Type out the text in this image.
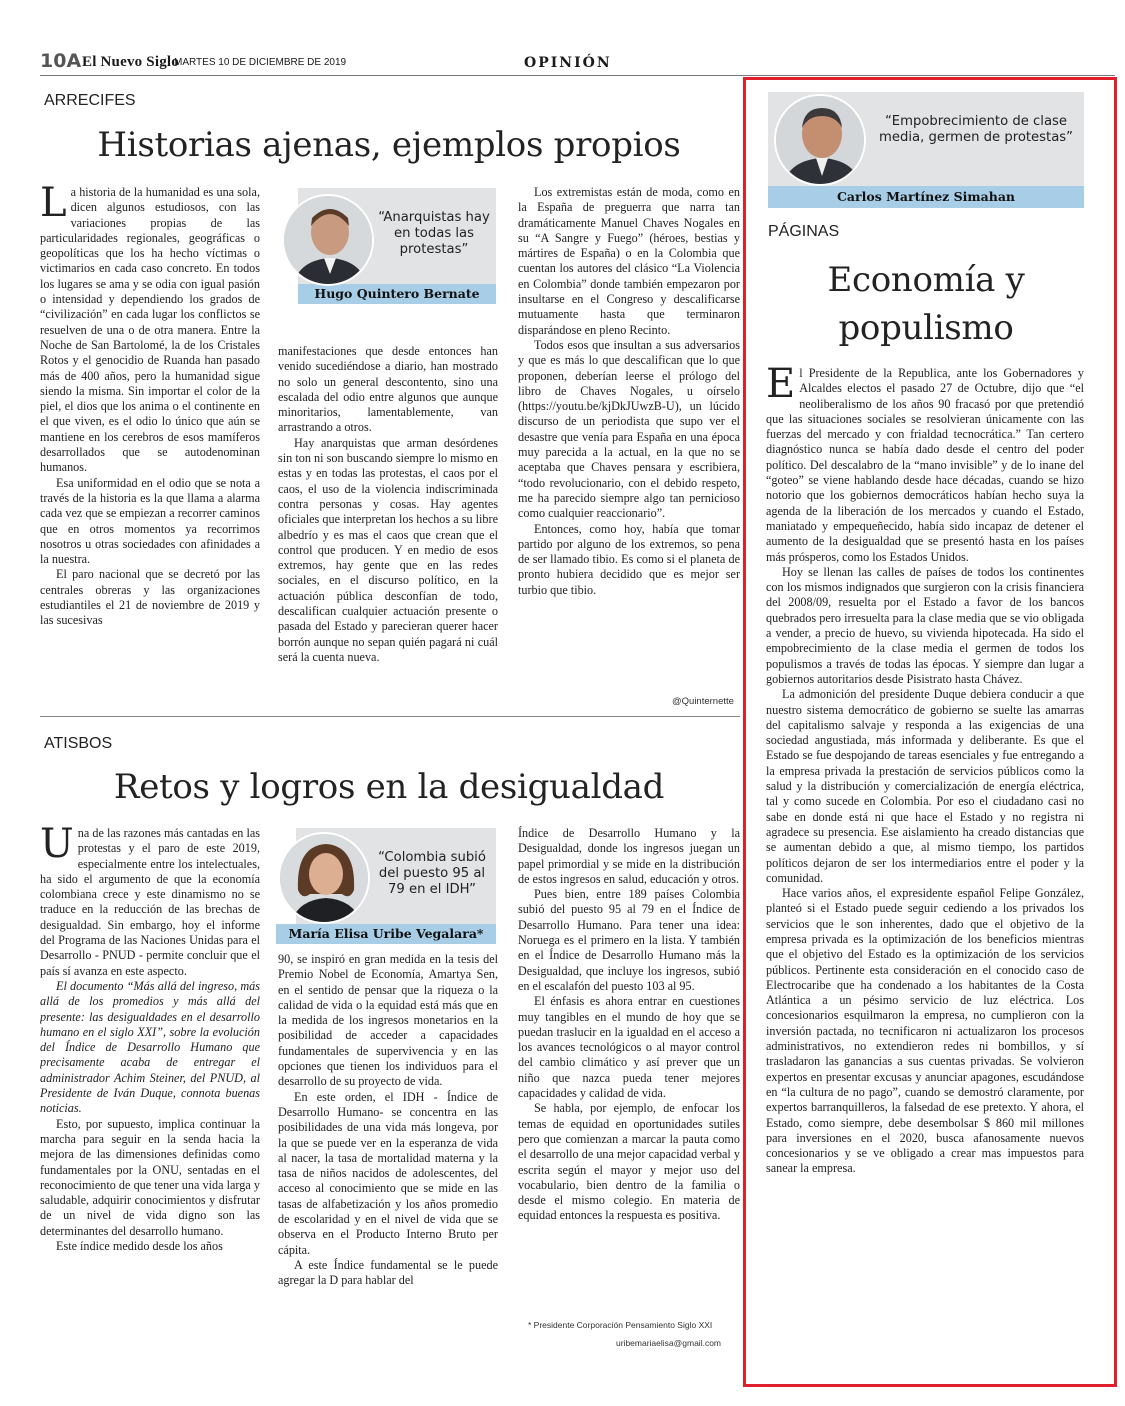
10A El Nuevo Siglo
MARTES 10 DE DICIEMBRE DE 2019	OPINIÓN
ARRECIFES
Historias ajenas, ejemplos propios

La historia de la humanidad es una sola, dicen algunos estudiosos, con las variaciones propias de las particularidades regionales, geográficas o geopolíticas que los ha hecho víctimas o victimarios en cada caso concreto. En todos los lugares se ama y se odia con igual pasión o intensidad y dependiendo los grados de “civilización” en cada lugar los conflictos se resuelven de una o de otra manera. Entre la Noche de San Bartolomé, la de los Cristales Rotos y el genocidio de Ruanda han pasado más de 400 años, pero la humanidad sigue siendo la misma. Sin importar el color de la piel, el dios que los anima o el continente en el que viven, es el odio lo único que aún se mantiene en los cerebros de esos mamíferos desarrollados que se autodenominan humanos.

Esa uniformidad en el odio que se nota a través de la historia es la que llama a alarma cada vez que se empiezan a recorrer caminos que en otros momentos ya recorrimos nosotros u otras sociedades con afinidades a la nuestra.

El paro nacional que se decretó por las centrales obreras y las organizaciones estudiantiles el 21 de noviembre de 2019 y las sucesivas

“Anarquistas hay en todas las protestas”
Hugo Quintero Bernate

manifestaciones que desde entonces han venido sucediéndose a diario, han mostrado no solo un general descontento, sino una escalada del odio entre algunos que aunque minoritarios, lamentablemente, van arrastrando a otros.

Hay anarquistas que arman desórdenes sin ton ni son buscando siempre lo mismo en estas y en todas las protestas, el caos por el caos, el uso de la violencia indiscriminada contra personas y cosas. Hay agentes oficiales que interpretan los hechos a su libre albedrío y es mas el caos que crean que el control que producen. Y en medio de esos extremos, hay gente que en las redes sociales, en el discurso político, en la actuación pública desconfían de todo, descalifican cualquier actuación presente o pasada del Estado y parecieran querer hacer borrón aunque no sepan quién pagará ni cuál será la cuenta nueva.

Los extremistas están de moda, como en la España de preguerra que narra tan dramáticamente Manuel Chaves Nogales en su “A Sangre y Fuego” (héroes, bestias y mártires de España) o en la Colombia que cuentan los autores del clásico “La Violencia en Colombia” donde también empezaron por insultarse en el Congreso y descalificarse mutuamente hasta que terminaron disparándose en pleno Recinto.

Todos esos que insultan a sus adversarios y que es más lo que descalifican que lo que proponen, deberían leerse el prólogo del libro de Chaves Nogales, u oírselo (https://youtu.be/kjDkJUwzB-U), un lúcido discurso de un periodista que supo ver el desastre que venía para España en una época muy parecida a la actual, en la que no se aceptaba que Chaves pensara y escribiera, “todo revolucionario, con el debido respeto, me ha parecido siempre algo tan pernicioso como cualquier reaccionario”.

Entonces, como hoy, había que tomar partido por alguno de los extremos, so pena de ser llamado tibio. Es como si el planeta de pronto hubiera decidido que es mejor ser turbio que tibio.

@Quinternette
ATISBOS
Retos y logros en la desigualdad

Una de las razones más cantadas en las protestas y el paro de este 2019, especialmente entre los intelectuales, ha sido el argumento de que la economía colombiana crece y este dinamismo no se traduce en la reducción de las brechas de desigualdad. Sin embargo, hoy el informe del Programa de las Naciones Unidas para el Desarrollo - PNUD - permite concluir que el país sí avanza en este aspecto.

El documento “Más allá del ingreso, más allá de los promedios y más allá del presente: las desigualdades en el desarrollo humano en el siglo XXI”, sobre la evolución del Índice de Desarrollo Humano que precisamente acaba de entregar el administrador Achim Steiner, del PNUD, al Presidente de Iván Duque, connota buenas noticias.

Esto, por supuesto, implica continuar la marcha para seguir en la senda hacia la mejora de las dimensiones definidas como fundamentales por la ONU, sentadas en el reconocimiento de que tener una vida larga y saludable, adquirir conocimientos y disfrutar de un nivel de vida digno son las determinantes del desarrollo humano.

Este índice medido desde los años

“Colombia subió del puesto 95 al 79 en el IDH”
María Elisa Uribe Vegalara*

90, se inspiró en gran medida en la tesis del Premio Nobel de Economía, Amartya Sen, en el sentido de pensar que la riqueza o la calidad de vida o la equidad está más que en la medida de los ingresos monetarios en la posibilidad de acceder a capacidades fundamentales de supervivencia y en las opciones que tienen los individuos para el desarrollo de su proyecto de vida.

En este orden, el IDH - Índice de Desarrollo Humano- se concentra en las posibilidades de una vida más longeva, por la que se puede ver en la esperanza de vida al nacer, la tasa de mortalidad materna y la tasa de niños nacidos de adolescentes, del acceso al conocimiento que se mide en las tasas de alfabetización y los años promedio de escolaridad y en el nivel de vida que se observa en el Producto Interno Bruto per cápita.

A este Índice fundamental se le puede agregar la D para hablar del

Índice de Desarrollo Humano y la Desigualdad, donde los ingresos juegan un papel primordial y se mide en la distribución de estos ingresos en salud, educación y otros.

Pues bien, entre 189 países Colombia subió del puesto 95 al 79 en el Índice de Desarrollo Humano. Para tener una idea: Noruega es el primero en la lista. Y también en el Índice de Desarrollo Humano más la Desigualdad, que incluye los ingresos, subió en el escalafón del puesto 103 al 95.

El énfasis es ahora entrar en cuestiones muy tangibles en el mundo de hoy que se puedan traslucir en la igualdad en el acceso a los avances tecnológicos o al mayor control del cambio climático y así prever que un niño que nazca pueda tener mejores capacidades y calidad de vida.

Se habla, por ejemplo, de enfocar los temas de equidad en oportunidades sutiles pero que comienzan a marcar la pauta como el desarrollo de una mejor capacidad verbal y escrita según el mayor y mejor uso del vocabulario, bien dentro de la familia o desde el mismo colegio. En materia de equidad entonces la respuesta es positiva.

* Presidente Corporación Pensamiento Siglo XXI
uribemariaelisa@gmail.com
“Empobrecimiento de clase media, germen de protestas”
Carlos Martínez Simahan
PÁGINAS
Economía y populismo

El Presidente de la Republica, ante los Gobernadores y Alcaldes electos el pasado 27 de Octubre, dijo que “el neoliberalismo de los años 90 fracasó por que pretendió que las situaciones sociales se resolvieran únicamente con las fuerzas del mercado y con frialdad tecnocrática.” Tan certero diagnóstico nunca se había dado desde el centro del poder político. Del descalabro de la “mano invisible” y de lo inane del “goteo” se viene hablando desde hace décadas, cuando se hizo notorio que los gobiernos democráticos habían hecho suya la agenda de la liberación de los mercados y cuando el Estado, maniatado y empequeñecido, había sido incapaz de detener el aumento de la desigualdad que se presentó hasta en los países más prósperos, como los Estados Unidos.

Hoy se llenan las calles de países de todos los continentes con los mismos indignados que surgieron con la crisis financiera del 2008/09, resuelta por el Estado a favor de los bancos quebrados pero irresuelta para la clase media que se vio obligada a vender, a precio de huevo, su vivienda hipotecada. Ha sido el empobrecimiento de la clase media el germen de todos los populismos a través de todas las épocas. Y siempre dan lugar a gobiernos autoritarios desde Pisistrato hasta Chávez.

La admonición del presidente Duque debiera conducir a que nuestro sistema democrático de gobierno se suelte las amarras del capitalismo salvaje y responda a las exigencias de una sociedad angustiada, más informada y deliberante. Es que el Estado se fue despojando de tareas esenciales y fue entregando a la empresa privada la prestación de servicios públicos como la salud y la distribución y comercialización de energía eléctrica, tal y como sucede en Colombia. Por eso el ciudadano casi no sabe en donde está ni que hace el Estado y no registra ni agradece su presencia. Ese aislamiento ha creado distancias que se aumentan debido a que, al mismo tiempo, los partidos políticos dejaron de ser los intermediarios entre el poder y la comunidad.

Hace varios años, el expresidente español Felipe González, planteó si el Estado puede seguir cediendo a los privados los servicios que le son inherentes, dado que el objetivo de la empresa privada es la optimización de los beneficios mientras que el objetivo del Estado es la optimización de los servicios públicos. Pertinente esta consideración en el conocido caso de Electrocaribe que ha condenado a los habitantes de la Costa Atlántica a un pésimo servicio de luz eléctrica. Los concesionarios esquilmaron la empresa, no cumplieron con la inversión pactada, no tecnificaron ni actualizaron los procesos administrativos, no extendieron redes ni bombillos, y sí trasladaron las ganancias a sus cuentas privadas. Se volvieron expertos en presentar excusas y anunciar apagones, escudándose en “la cultura de no pago”, cuando se demostró claramente, por expertos barranquilleros, la falsedad de ese pretexto. Y ahora, el Estado, como siempre, debe desembolsar $ 860 mil millones para inversiones en el 2020, busca afanosamente nuevos concesionarios y se ve obligado a crear mas impuestos para sanear la empresa.
